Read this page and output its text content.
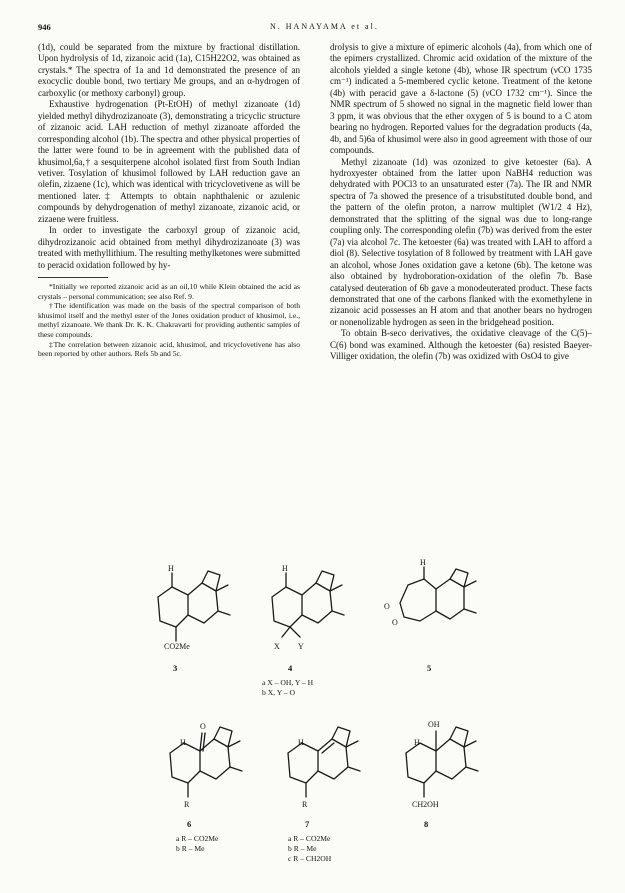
946	N. HANAYAMA et al.

(1d), could be separated from the mixture by fractional distillation. Upon hydrolysis of 1d, zizanoic acid (1a), C15H22O2, was obtained as crystals.* The spectra of 1a and 1d demonstrated the presence of an exocyclic double bond, two tertiary Me groups, and an α-hydrogen of carboxylic (or methoxy carbonyl) group.

Exhaustive hydrogenation (Pt-EtOH) of methyl zizanoate (1d) yielded methyl dihydrozizanoate (3), demonstrating a tricyclic structure of zizanoic acid. LAH reduction of methyl zizanoate afforded the corresponding alcohol (1b). The spectra and other physical properties of the latter were found to be in agreement with the published data of khusimol,6a,† a sesquiterpene alcohol isolated first from South Indian vetiver. Tosylation of khusimol followed by LAH reduction gave an olefin, zizaene (1c), which was identical with tricyclovetivene as will be mentioned later.‡ Attempts to obtain naphthalenic or azulenic compounds by dehydrogenation of methyl zizanoate, zizanoic acid, or zizaene were fruitless.

In order to investigate the carboxyl group of zizanoic acid, dihydrozizanoic acid obtained from methyl dihydrozizanoate (3) was treated with methyllithium. The resulting methylketones were submitted to peracid oxidation followed by hy-

*Initially we reported zizanoic acid as an oil,10 while Klein obtained the acid as crystals – personal communication; see also Ref. 9.

†The identification was made on the basis of the spectral comparison of both khusimol itself and the methyl ester of the Jones oxidation product of khusimol, i.e., methyl zizanoate. We thank Dr. K. K. Chakravarti for providing authentic samples of these compounds.

‡The correlation between zizanoic acid, khusimol, and tricyclovetivene has also been reported by other authors. Refs 5b and 5c.

drolysis to give a mixture of epimeric alcohols (4a), from which one of the epimers crystallized. Chromic acid oxidation of the mixture of the alcohols yielded a single ketone (4b), whose IR spectrum (νCO 1735 cm⁻¹) indicated a 5-membered cyclic ketone. Treatment of the ketone (4b) with peracid gave a δ-lactone (5) (νCO 1732 cm⁻¹). Since the NMR spectrum of 5 showed no signal in the magnetic field lower than 3 ppm, it was obvious that the ether oxygen of 5 is bound to a C atom bearing no hydrogen. Reported values for the degradation products (4a, 4b, and 5)6a of khusimol were also in good agreement with those of our compounds.

Methyl zizanoate (1d) was ozonized to give ketoester (6a). A hydroxyester obtained from the latter upon NaBH4 reduction was dehydrated with POCl3 to an unsaturated ester (7a). The IR and NMR spectra of 7a showed the presence of a trisubstituted double bond, and the pattern of the olefin proton, a narrow multiplet (W1/2 4 Hz), demonstrated that the splitting of the signal was due to long-range coupling only. The corresponding olefin (7b) was derived from the ester (7a) via alcohol 7c. The ketoester (6a) was treated with LAH to afford a diol (8). Selective tosylation of 8 followed by treatment with LAH gave an alcohol, whose Jones oxidation gave a ketone (6b). The ketone was also obtained by hydroboration-oxidation of the olefin 7b. Base catalysed deuteration of 6b gave a monodeuterated product. These facts demonstrated that one of the carbons flanked with the exomethylene in zizanoic acid possesses an H atom and that another bears no hydrogen or nonenolizable hydrogen as seen in the bridgehead position.

To obtain B-seco derivatives, the oxidative cleavage of the C(5)–C(6) bond was examined. Although the ketoester (6a) resisted Baeyer-Villiger oxidation, the olefin (7b) was oxidized with OsO4 to give

H
CO2Me
3
H
X Y
4
a X – OH, Y – H
b X, Y – O
H
O
O
5
O
H
R
6
a R – CO2Me
b R – Me
H
R
7
a R – CO2Me
b R – Me
c R – CH2OH
OH
H
CH2OH
8
